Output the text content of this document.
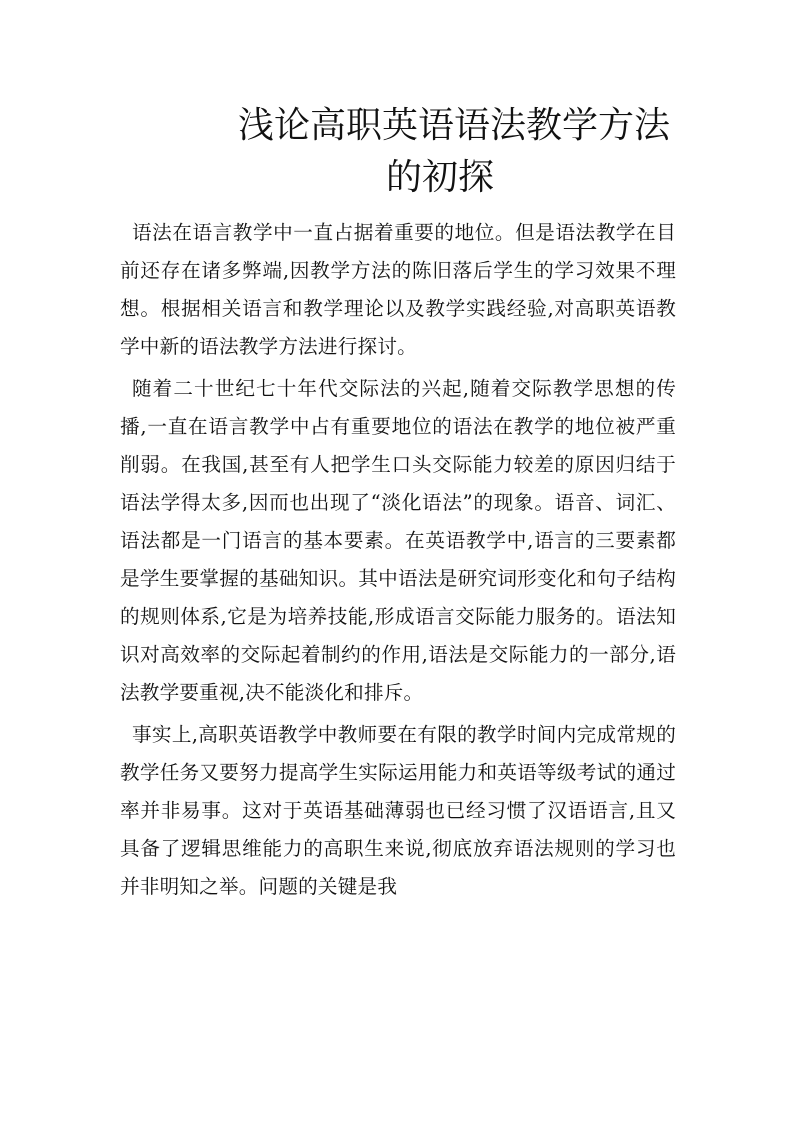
浅论高职英语语法教学方法
的初探

语法在语言教学中一直占据着重要的地位。但是语法教学在目前还存在诸多弊端,因教学方法的陈旧落后学生的学习效果不理想。根据相关语言和教学理论以及教学实践经验,对高职英语教学中新的语法教学方法进行探讨。

随着二十世纪七十年代交际法的兴起,随着交际教学思想的传播,一直在语言教学中占有重要地位的语法在教学的地位被严重削弱。在我国,甚至有人把学生口头交际能力较差的原因归结于语法学得太多,因而也出现了“淡化语法”的现象。语音、词汇、语法都是一门语言的基本要素。在英语教学中,语言的三要素都是学生要掌握的基础知识。其中语法是研究词形变化和句子结构的规则体系,它是为培养技能,形成语言交际能力服务的。语法知识对高效率的交际起着制约的作用,语法是交际能力的一部分,语法教学要重视,决不能淡化和排斥。

事实上,高职英语教学中教师要在有限的教学时间内完成常规的教学任务又要努力提高学生实际运用能力和英语等级考试的通过率并非易事。这对于英语基础薄弱也已经习惯了汉语语言,且又具备了逻辑思维能力的高职生来说,彻底放弃语法规则的学习也并非明知之举。问题的关键是我
